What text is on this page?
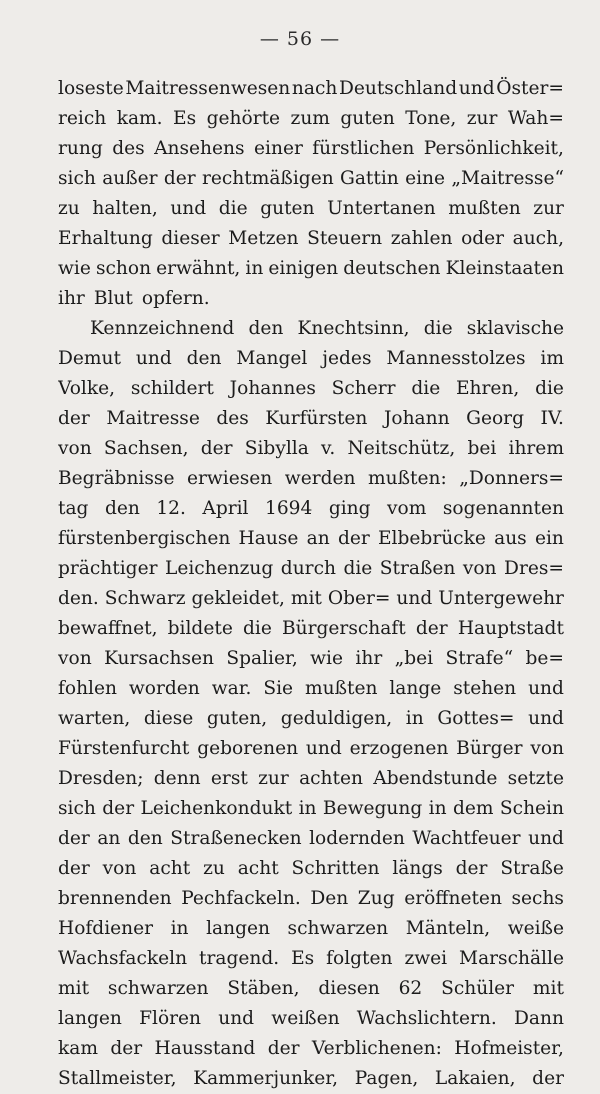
— 56 —
loseste Maitressenwesen nach Deutschland und Öster=
reich kam. Es gehörte zum guten Tone, zur Wah=
rung des Ansehens einer fürstlichen Persönlichkeit,
sich außer der rechtmäßigen Gattin eine „Maitresse“
zu halten, und die guten Untertanen mußten zur
Erhaltung dieser Metzen Steuern zahlen oder auch,
wie schon erwähnt, in einigen deutschen Kleinstaaten
ihr Blut opfern.
Kennzeichnend den Knechtsinn, die sklavische
Demut und den Mangel jedes Mannesstolzes im
Volke, schildert Johannes Scherr die Ehren, die
der Maitresse des Kurfürsten Johann Georg IV.
von Sachsen, der Sibylla v. Neitschütz, bei ihrem
Begräbnisse erwiesen werden mußten: „Donners=
tag den 12. April 1694 ging vom sogenannten
fürstenbergischen Hause an der Elbebrücke aus ein
prächtiger Leichenzug durch die Straßen von Dres=
den. Schwarz gekleidet, mit Ober= und Untergewehr
bewaffnet, bildete die Bürgerschaft der Hauptstadt
von Kursachsen Spalier, wie ihr „bei Strafe“ be=
fohlen worden war. Sie mußten lange stehen und
warten, diese guten, geduldigen, in Gottes= und
Fürstenfurcht geborenen und erzogenen Bürger von
Dresden; denn erst zur achten Abendstunde setzte
sich der Leichenkondukt in Bewegung in dem Schein
der an den Straßenecken lodernden Wachtfeuer und
der von acht zu acht Schritten längs der Straße
brennenden Pechfackeln. Den Zug eröffneten sechs
Hofdiener in langen schwarzen Mänteln, weiße
Wachsfackeln tragend. Es folgten zwei Marschälle
mit schwarzen Stäben, diesen 62 Schüler mit
langen Flören und weißen Wachslichtern. Dann
kam der Hausstand der Verblichenen: Hofmeister,
Stallmeister, Kammerjunker, Pagen, Lakaien, der
